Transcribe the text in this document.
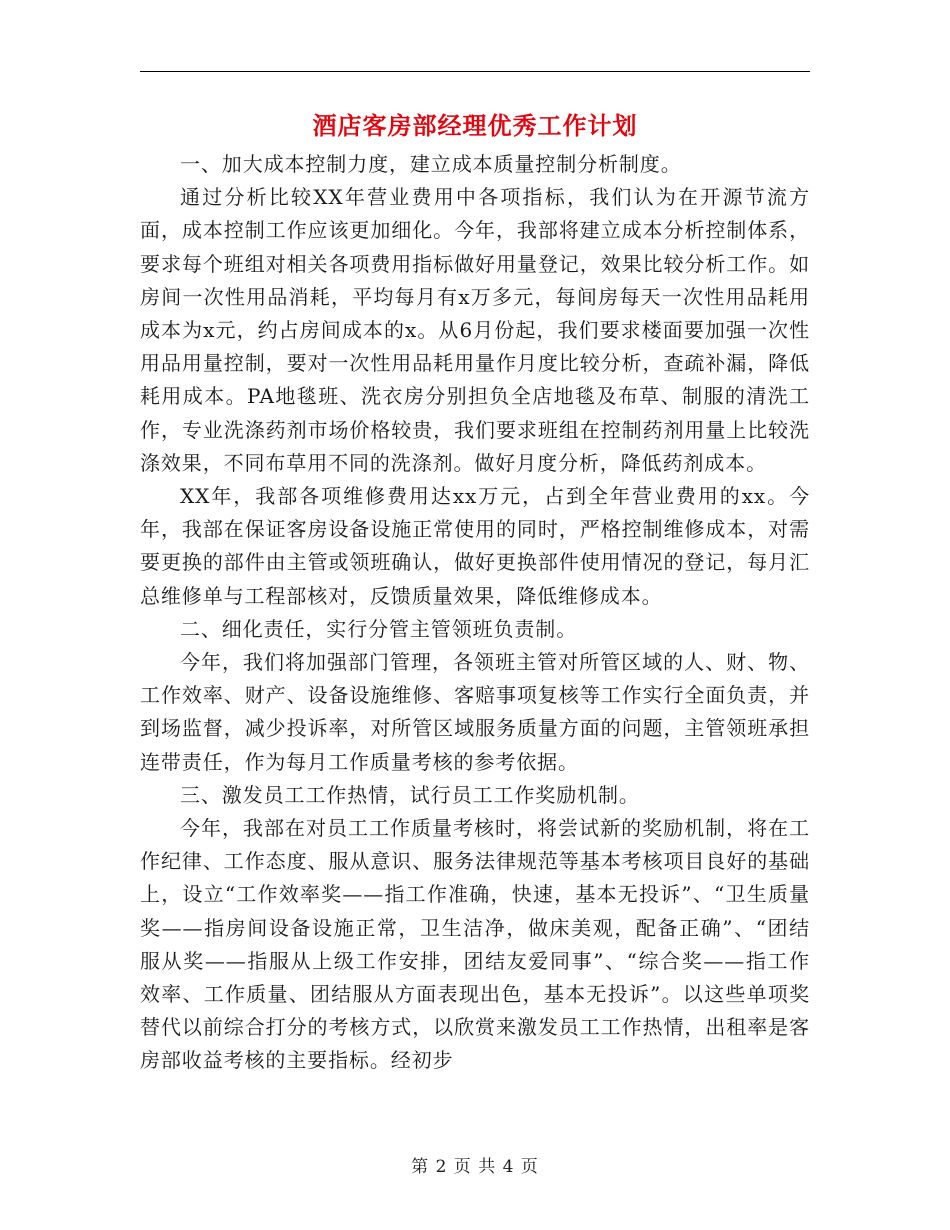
酒店客房部经理优秀工作计划

一、加大成本控制力度，建立成本质量控制分析制度。

通过分析比较XX年营业费用中各项指标，我们认为在开源节流方面，成本控制工作应该更加细化。今年，我部将建立成本分析控制体系，要求每个班组对相关各项费用指标做好用量登记，效果比较分析工作。如房间一次性用品消耗，平均每月有x万多元，每间房每天一次性用品耗用成本为x元，约占房间成本的x。从6月份起，我们要求楼面要加强一次性用品用量控制，要对一次性用品耗用量作月度比较分析，查疏补漏，降低耗用成本。PA地毯班、洗衣房分别担负全店地毯及布草、制服的清洗工作，专业洗涤药剂市场价格较贵，我们要求班组在控制药剂用量上比较洗涤效果，不同布草用不同的洗涤剂。做好月度分析，降低药剂成本。

XX年，我部各项维修费用达xx万元，占到全年营业费用的xx。今年，我部在保证客房设备设施正常使用的同时，严格控制维修成本，对需要更换的部件由主管或领班确认，做好更换部件使用情况的登记，每月汇总维修单与工程部核对，反馈质量效果，降低维修成本。

二、细化责任，实行分管主管领班负责制。

今年，我们将加强部门管理，各领班主管对所管区域的人、财、物、工作效率、财产、设备设施维修、客赔事项复核等工作实行全面负责，并到场监督，减少投诉率，对所管区域服务质量方面的问题，主管领班承担连带责任，作为每月工作质量考核的参考依据。

三、激发员工工作热情，试行员工工作奖励机制。

今年，我部在对员工工作质量考核时，将尝试新的奖励机制，将在工作纪律、工作态度、服从意识、服务法律规范等基本考核项目良好的基础上，设立“工作效率奖——指工作准确，快速，基本无投诉”、“卫生质量奖——指房间设备设施正常，卫生洁净，做床美观，配备正确”、“团结服从奖——指服从上级工作安排，团结友爱同事”、“综合奖——指工作效率、工作质量、团结服从方面表现出色，基本无投诉”。以这些单项奖替代以前综合打分的考核方式，以欣赏来激发员工工作热情，出租率是客房部收益考核的主要指标。经初步

第 2 页 共 4 页
